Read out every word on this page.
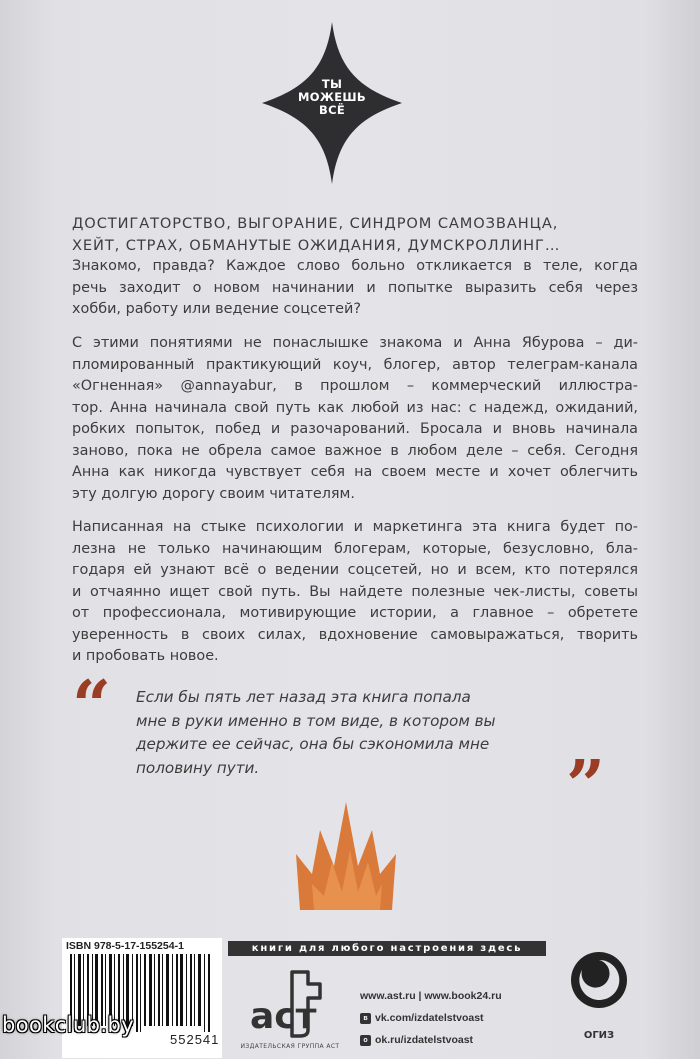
ТЫ
МОЖЕШЬ
ВСЁ
ДОСТИГАТОРСТВО, ВЫГОРАНИЕ, СИНДРОМ САМОЗВАНЦА,
ХЕЙТ, СТРАХ, ОБМАНУТЫЕ ОЖИДАНИЯ, ДУМСКРОЛЛИНГ…
Знакомо, правда? Каждое слово больно откликается в теле, когда
речь заходит о новом начинании и попытке выразить себя через
хобби, работу или ведение соцсетей?
С этими понятиями не понаслышке знакома и Анна Ябурова – ди-
пломированный практикующий коуч, блогер, автор телеграм-канала
«Огненная» @annayabur, в прошлом – коммерческий иллюстра-
тор. Анна начинала свой путь как любой из нас: с надежд, ожиданий,
робких попыток, побед и разочарований. Бросала и вновь начинала
заново, пока не обрела самое важное в любом деле – себя. Сегодня
Анна как никогда чувствует себя на своем месте и хочет облегчить
эту долгую дорогу своим читателям.
Написанная на стыке психологии и маркетинга эта книга будет по-
лезна не только начинающим блогерам, которые, безусловно, бла-
годаря ей узнают всё о ведении соцсетей, но и всем, кто потерялся
и отчаянно ищет свой путь. Вы найдете полезные чек-листы, советы
от профессионала, мотивирующие истории, а главное – обретете
уверенность в своих силах, вдохновение самовыражаться, творить
и пробовать новое.
“ Если бы пять лет назад эта книга попала
мне в руки именно в том виде, в котором вы
держите ее сейчас, она бы сэкономила мне
половину пути.	”
ISBN 978-5-17-155254-1
552541
книги для любого настроения здесь
аст
ИЗДАТЕЛЬСКАЯ ГРУППА АСТ
www.ast.ru | www.book24.ru
в vk.com/izdatelstvoast
o ok.ru/izdatelstvoast	ОГИЗ
bookclub.by
